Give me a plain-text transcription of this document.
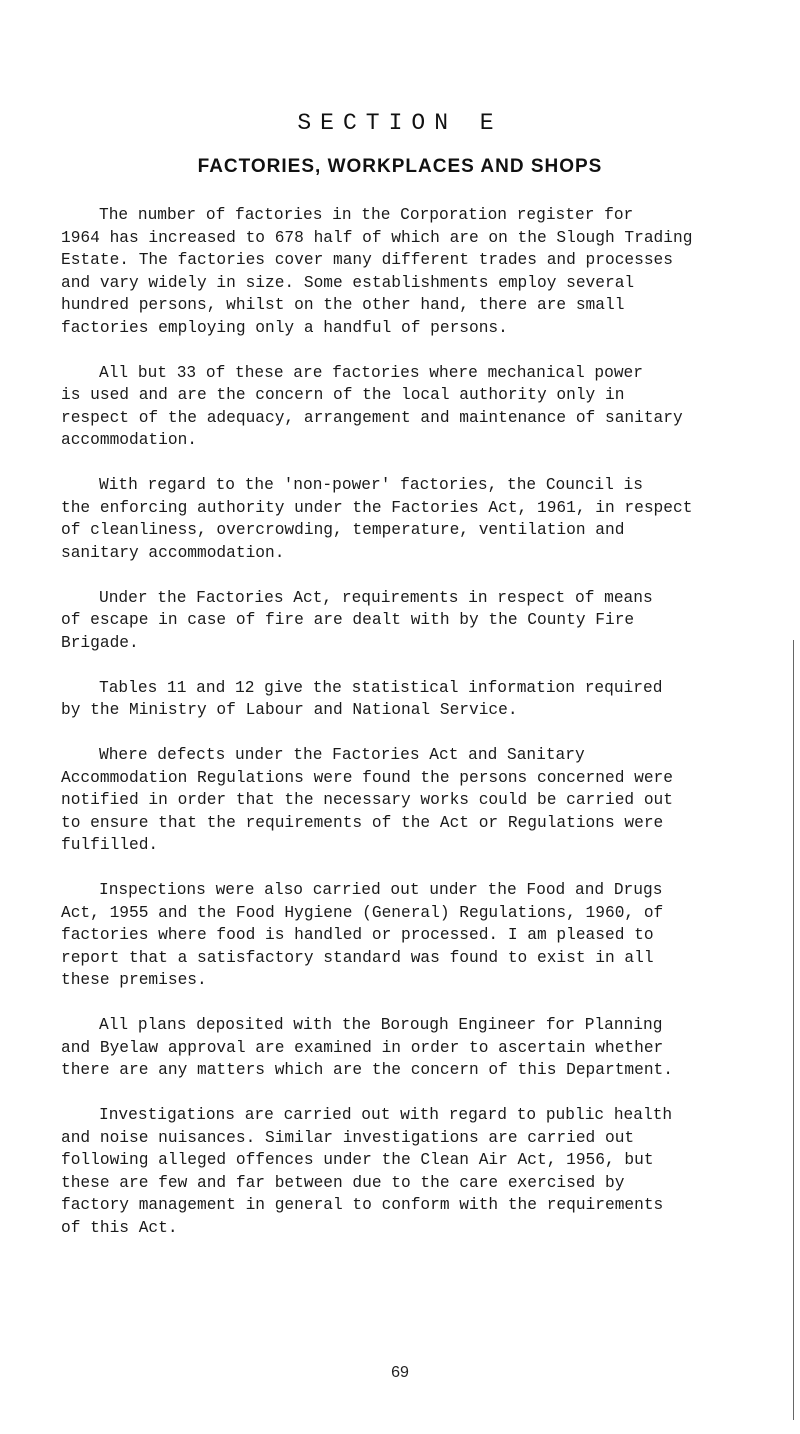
SECTION E
FACTORIES, WORKPLACES AND SHOPS
The number of factories in the Corporation register for
1964 has increased to 678 half of which are on the Slough Trading
Estate. The factories cover many different trades and processes
and vary widely in size. Some establishments employ several
hundred persons, whilst on the other hand, there are small
factories employing only a handful of persons.
All but 33 of these are factories where mechanical power
is used and are the concern of the local authority only in
respect of the adequacy, arrangement and maintenance of sanitary
accommodation.
With regard to the 'non-power' factories, the Council is
the enforcing authority under the Factories Act, 1961, in respect
of cleanliness, overcrowding, temperature, ventilation and
sanitary accommodation.
Under the Factories Act, requirements in respect of means
of escape in case of fire are dealt with by the County Fire
Brigade.
Tables 11 and 12 give the statistical information required
by the Ministry of Labour and National Service.
Where defects under the Factories Act and Sanitary
Accommodation Regulations were found the persons concerned were
notified in order that the necessary works could be carried out
to ensure that the requirements of the Act or Regulations were
fulfilled.
Inspections were also carried out under the Food and Drugs
Act, 1955 and the Food Hygiene (General) Regulations, 1960, of
factories where food is handled or processed. I am pleased to
report that a satisfactory standard was found to exist in all
these premises.
All plans deposited with the Borough Engineer for Planning
and Byelaw approval are examined in order to ascertain whether
there are any matters which are the concern of this Department.
Investigations are carried out with regard to public health
and noise nuisances. Similar investigations are carried out
following alleged offences under the Clean Air Act, 1956, but
these are few and far between due to the care exercised by
factory management in general to conform with the requirements
of this Act.
69
